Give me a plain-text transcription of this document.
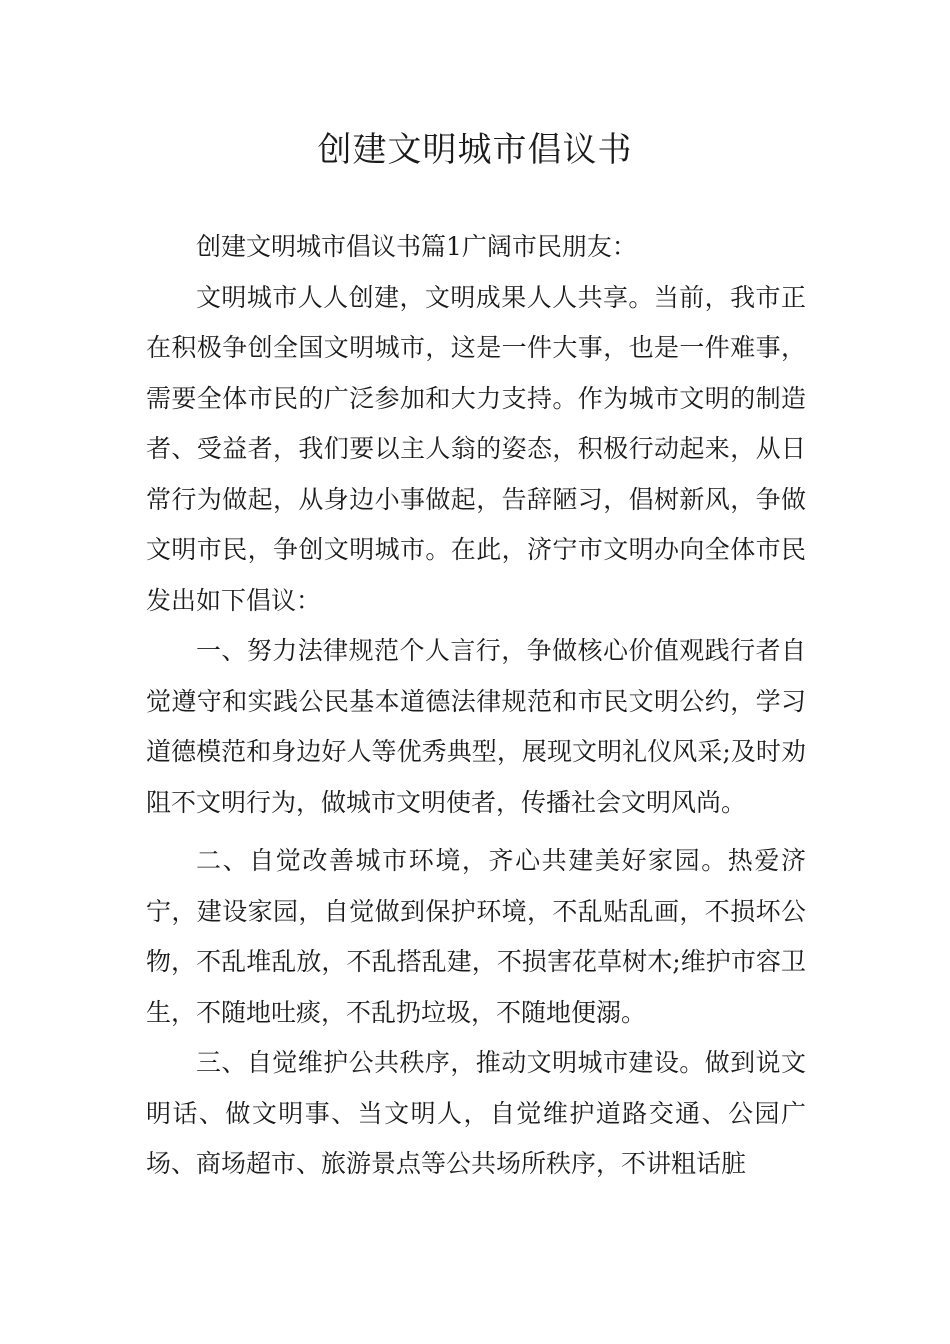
创建文明城市倡议书

创建文明城市倡议书篇1广阔市民朋友：

文明城市人人创建，文明成果人人共享。当前，我市正在积极争创全国文明城市，这是一件大事，也是一件难事，需要全体市民的广泛参加和大力支持。作为城市文明的制造者、受益者，我们要以主人翁的姿态，积极行动起来，从日常行为做起，从身边小事做起，告辞陋习，倡树新风，争做文明市民，争创文明城市。在此，济宁市文明办向全体市民发出如下倡议：

一、努力法律规范个人言行，争做核心价值观践行者自觉遵守和实践公民基本道德法律规范和市民文明公约，学习道德模范和身边好人等优秀典型，展现文明礼仪风采;及时劝阻不文明行为，做城市文明使者，传播社会文明风尚。

二、自觉改善城市环境，齐心共建美好家园。热爱济宁，建设家园，自觉做到保护环境，不乱贴乱画，不损坏公物，不乱堆乱放，不乱搭乱建，不损害花草树木;维护市容卫生，不随地吐痰，不乱扔垃圾，不随地便溺。

三、自觉维护公共秩序，推动文明城市建设。做到说文明话、做文明事、当文明人，自觉维护道路交通、公园广场、商场超市、旅游景点等公共场所秩序，不讲粗话脏
